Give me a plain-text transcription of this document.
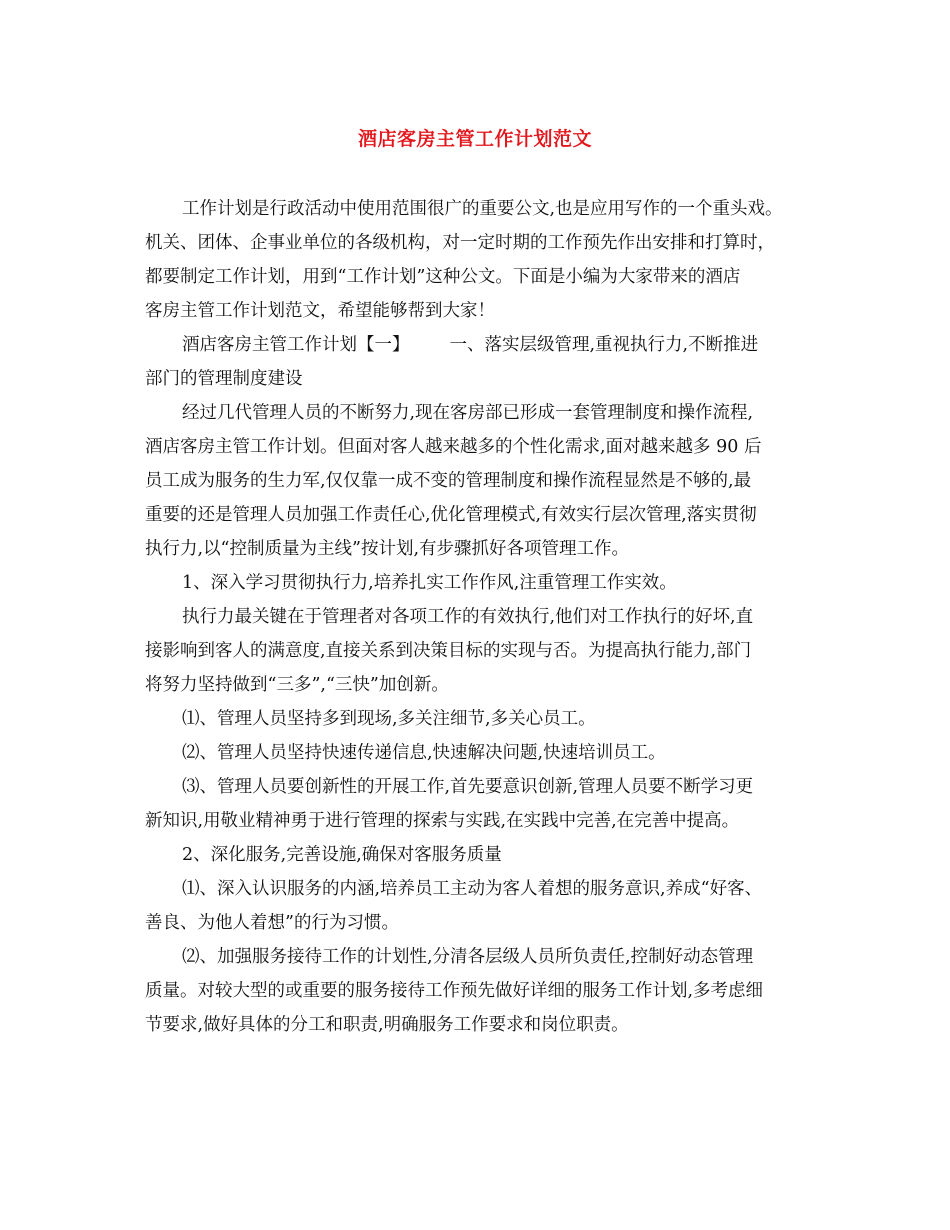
酒店客房主管工作计划范文
工作计划是行政活动中使用范围很广的重要公文,也是应用写作的一个重头戏。
机关、团体、企事业单位的各级机构，对一定时期的工作预先作出安排和打算时，
都要制定工作计划，用到“工作计划”这种公文。下面是小编为大家带来的酒店
客房主管工作计划范文，希望能够帮到大家！
酒店客房主管工作计划【一】 一、落实层级管理,重视执行力,不断推进
部门的管理制度建设
经过几代管理人员的不断努力,现在客房部已形成一套管理制度和操作流程,
酒店客房主管工作计划。但面对客人越来越多的个性化需求,面对越来越多 90 后
员工成为服务的生力军,仅仅靠一成不变的管理制度和操作流程显然是不够的,最
重要的还是管理人员加强工作责任心,优化管理模式,有效实行层次管理,落实贯彻
执行力,以“控制质量为主线”按计划,有步骤抓好各项管理工作。
1、深入学习贯彻执行力,培养扎实工作作风,注重管理工作实效。
执行力最关键在于管理者对各项工作的有效执行,他们对工作执行的好坏,直
接影响到客人的满意度,直接关系到决策目标的实现与否。为提高执行能力,部门
将努力坚持做到“三多”,“三快”加创新。
⑴、管理人员坚持多到现场,多关注细节,多关心员工。
⑵、管理人员坚持快速传递信息,快速解决问题,快速培训员工。
⑶、管理人员要创新性的开展工作,首先要意识创新,管理人员要不断学习更
新知识,用敬业精神勇于进行管理的探索与实践,在实践中完善,在完善中提高。
2、深化服务,完善设施,确保对客服务质量
⑴、深入认识服务的内涵,培养员工主动为客人着想的服务意识,养成“好客、
善良、为他人着想”的行为习惯。
⑵、加强服务接待工作的计划性,分清各层级人员所负责任,控制好动态管理
质量。对较大型的或重要的服务接待工作预先做好详细的服务工作计划,多考虑细
节要求,做好具体的分工和职责,明确服务工作要求和岗位职责。
